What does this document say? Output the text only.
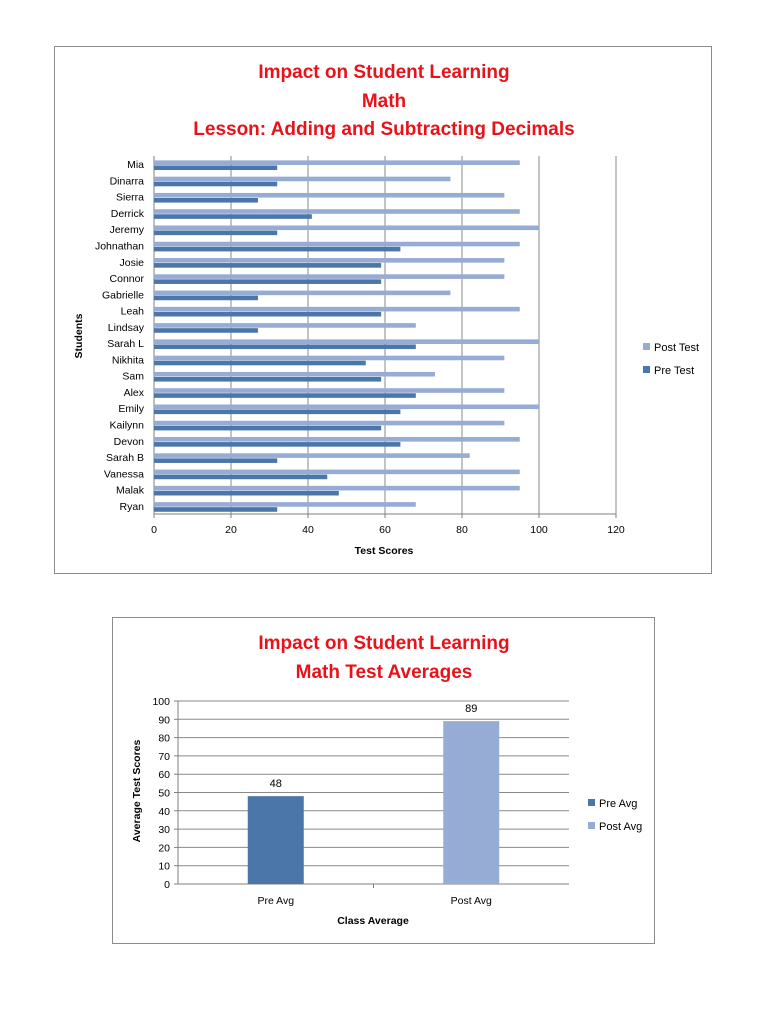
Impact on Student Learning
Math
Lesson: Adding and Subtracting Decimals
Mia
Dinarra
Sierra
Derrick
Jeremy
Johnathan
Josie
Connor
Gabrielle
Leah
Lindsay
Sarah L
Nikhita
Sam
Alex
Emily
Kailynn
Devon
Sarah B
Vanessa
Malak
Ryan
0	20	40	60	80	100	120
Test Scores
Students	Post Test
Pre Test
Impact on Student Learning
Math Test Averages
48
89
0
10
20
30
40
50
60
70
80
90
100
Pre Avg	Post Avg
Class Average
Average Test Scores	Pre Avg
Post Avg
